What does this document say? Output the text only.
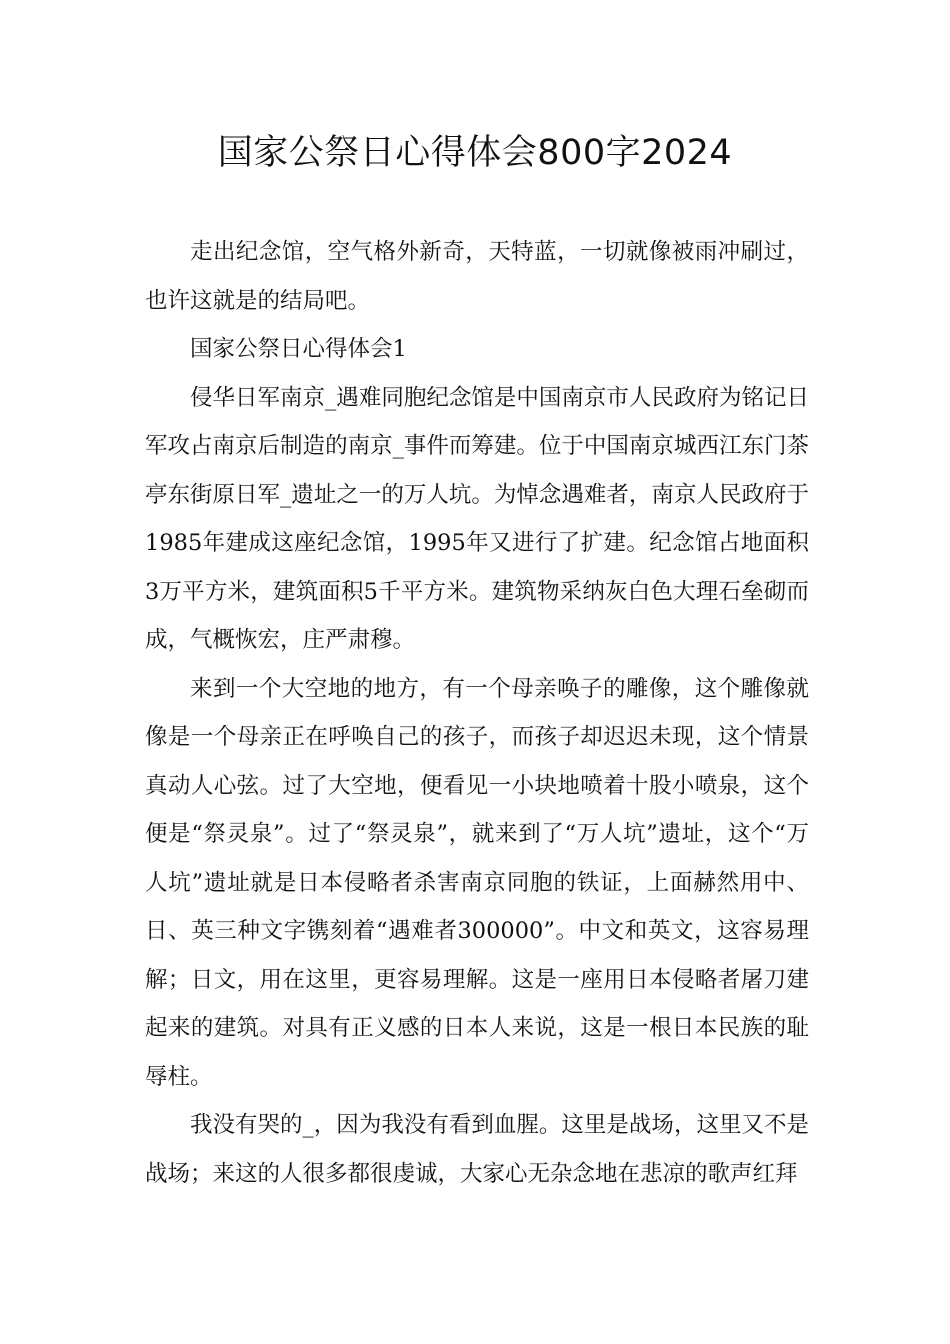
国家公祭日心得体会800字2024

走出纪念馆，空气格外新奇，天特蓝，一切就像被雨冲刷过，也许这就是的结局吧。

国家公祭日心得体会1

侵华日军南京_遇难同胞纪念馆是中国南京市人民政府为铭记日军攻占南京后制造的南京_事件而筹建。位于中国南京城西江东门茶亭东街原日军_遗址之一的万人坑。为悼念遇难者，南京人民政府于1985年建成这座纪念馆，1995年又进行了扩建。纪念馆占地面积3万平方米，建筑面积5千平方米。建筑物采纳灰白色大理石垒砌而成，气概恢宏，庄严肃穆。

来到一个大空地的地方，有一个母亲唤子的雕像，这个雕像就像是一个母亲正在呼唤自己的孩子，而孩子却迟迟未现，这个情景真动人心弦。过了大空地，便看见一小块地喷着十股小喷泉，这个便是“祭灵泉”。过了“祭灵泉”，就来到了“万人坑”遗址，这个“万人坑”遗址就是日本侵略者杀害南京同胞的铁证，上面赫然用中、日、英三种文字镌刻着“遇难者300000”。中文和英文，这容易理解；日文，用在这里，更容易理解。这是一座用日本侵略者屠刀建起来的建筑。对具有正义感的日本人来说，这是一根日本民族的耻辱柱。

我没有哭的_，因为我没有看到血腥。这里是战场，这里又不是战场；来这的人很多都很虔诚，大家心无杂念地在悲凉的歌声红拜
